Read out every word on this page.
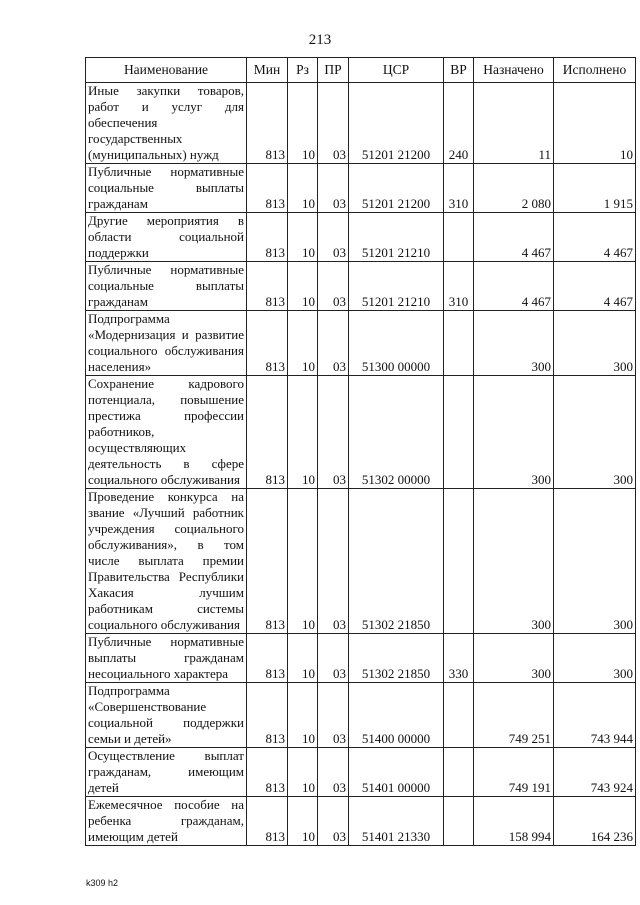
213
Наименование	Мин	Рз	ПР	ЦСР	ВР	Назначено	Исполнено
Иные закупки товаров, работ и услуг для обеспечения государственных (муниципальных) нужд	813	10	03	51201 21200	240	11	10
Публичные нормативные социальные выплаты гражданам	813	10	03	51201 21200	310	2 080	1 915
Другие мероприятия в области социальной поддержки	813	10	03	51201 21210		4 467	4 467
Публичные нормативные социальные выплаты гражданам	813	10	03	51201 21210	310	4 467	4 467
Подпрограмма «Модернизация и развитие социального обслуживания населения»	813	10	03	51300 00000		300	300
Сохранение кадрового потенциала, повышение престижа профессии работников, осуществляющих деятельность в сфере социального обслуживания	813	10	03	51302 00000		300	300
Проведение конкурса на звание «Лучший работник учреждения социального обслуживания», в том числе выплата премии Правительства Республики Хакасия лучшим работникам системы социального обслуживания	813	10	03	51302 21850		300	300
Публичные нормативные выплаты гражданам несоциального характера	813	10	03	51302 21850	330	300	300
Подпрограмма «Совершенствование социальной поддержки семьи и детей»	813	10	03	51400 00000		749 251	743 944
Осуществление выплат гражданам, имеющим детей	813	10	03	51401 00000		749 191	743 924
Ежемесячное пособие на ребенка гражданам, имеющим детей	813	10	03	51401 21330		158 994	164 236
k309 h2
